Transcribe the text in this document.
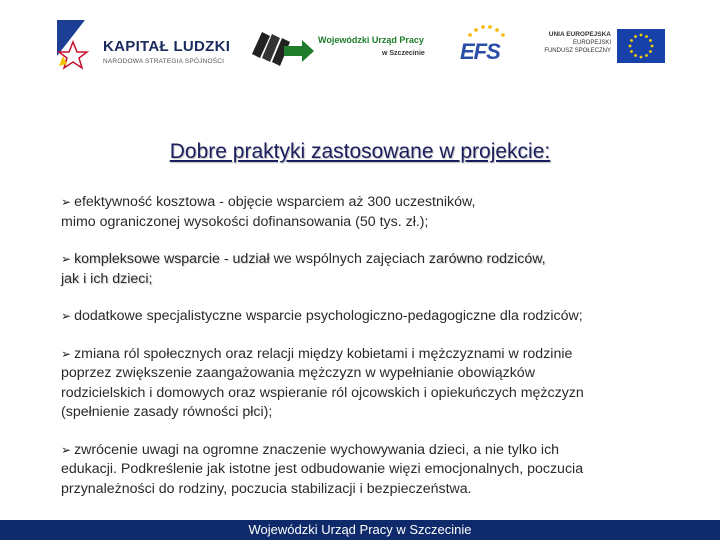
KAPITAŁ LUDZKI
NARODOWA STRATEGIA SPÓJNOŚCI
Wojewódzki Urząd Pracy
w Szczecinie EFS
UNIA EUROPEJSKA
EUROPEJSKI
FUNDUSZ SPOŁECZNY
Dobre praktyki zastosowane w projekcie:

➢ efektywność kosztowa - objęcie wsparciem aż 300 uczestników,
mimo ograniczonej wysokości dofinansowania (50 tys. zł.);

➢ kompleksowe wsparcie - udział we wspólnych zajęciach zarówno rodziców,
jak i ich dzieci;

➢ dodatkowe specjalistyczne wsparcie psychologiczno-pedagogiczne dla rodziców;

➢ zmiana ról społecznych oraz relacji między kobietami i mężczyznami w rodzinie
poprzez zwiększenie zaangażowania mężczyzn w wypełnianie obowiązków
rodzicielskich i domowych oraz wspieranie ról ojcowskich i opiekuńczych mężczyzn
(spełnienie zasady równości płci);

➢ zwrócenie uwagi na ogromne znaczenie wychowywania dzieci, a nie tylko ich
edukacji. Podkreślenie jak istotne jest odbudowanie więzi emocjonalnych, poczucia
przynależności do rodziny, poczucia stabilizacji i bezpieczeństwa.

Wojewódzki Urząd Pracy w Szczecinie
